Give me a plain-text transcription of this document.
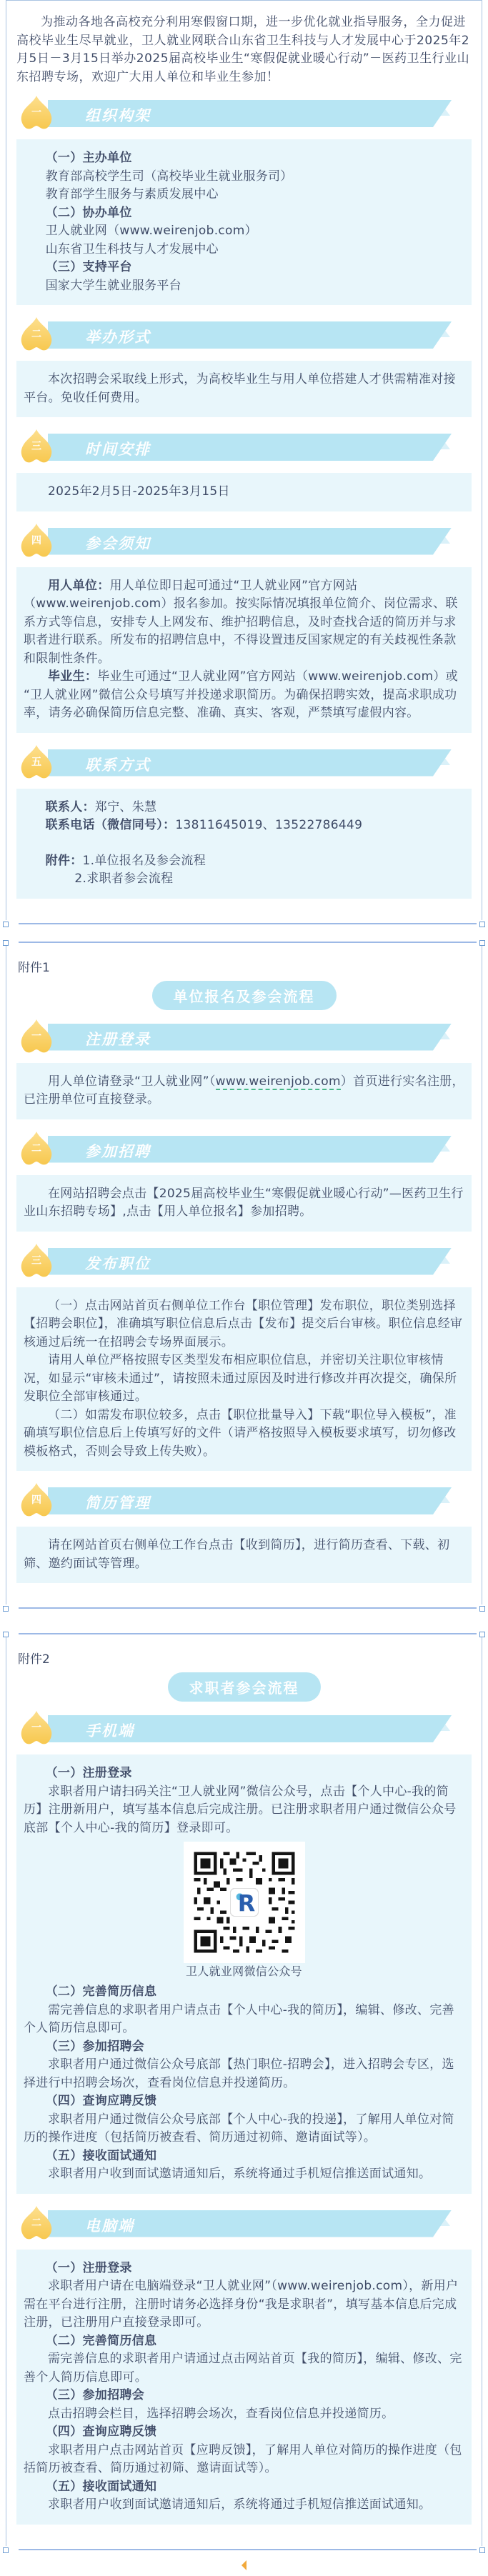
为推动各地各高校充分利用寒假窗口期，进一步优化就业指导服务，全力促进高校毕业生尽早就业，卫人就业网联合山东省卫生科技与人才发展中心于2025年2月5日－3月15日举办2025届高校毕业生“寒假促就业暖心行动”－医药卫生行业山东招聘专场，欢迎广大用人单位和毕业生参加！

一	组织构架

（一）主办单位

教育部高校学生司（高校毕业生就业服务司）

教育部学生服务与素质发展中心

（二）协办单位

卫人就业网（www.weirenjob.com）

山东省卫生科技与人才发展中心

（三）支持平台

国家大学生就业服务平台

二	举办形式

本次招聘会采取线上形式，为高校毕业生与用人单位搭建人才供需精准对接平台。免收任何费用。

三	时间安排

2025年2月5日-2025年3月15日

四	参会须知

用人单位：用人单位即日起可通过“卫人就业网”官方网站（www.weirenjob.com）报名参加。按实际情况填报单位简介、岗位需求、联系方式等信息，安排专人上网发布、维护招聘信息，及时查找合适的简历并与求职者进行联系。所发布的招聘信息中，不得设置违反国家规定的有关歧视性条款和限制性条件。

毕业生：毕业生可通过“卫人就业网”官方网站（www.weirenjob.com）或 “卫人就业网”微信公众号填写并投递求职简历。为确保招聘实效，提高求职成功率，请务必确保简历信息完整、准确、真实、客观，严禁填写虚假内容。

五	联系方式

联系人：郑宁、朱慧

联系电话（微信同号）：13811645019、13522786449

附件：1.单位报名及参会流程

2.求职者参会流程

附件1

单位报名及参会流程
一	注册登录

用人单位请登录“卫人就业网”（www.weirenjob.com）首页进行实名注册，已注册单位可直接登录。

二	参加招聘

在网站招聘会点击【2025届高校毕业生“寒假促就业暖心行动”—医药卫生行业山东招聘专场】,点击【用人单位报名】参加招聘。

三	发布职位

（一）点击网站首页右侧单位工作台【职位管理】发布职位，职位类别选择【招聘会职位】，准确填写职位信息后点击【发布】提交后台审核。职位信息经审核通过后统一在招聘会专场界面展示。

请用人单位严格按照专区类型发布相应职位信息，并密切关注职位审核情况，如显示“审核未通过”，请按照未通过原因及时进行修改并再次提交，确保所发职位全部审核通过。

（二）如需发布职位较多，点击【职位批量导入】下载“职位导入模板”，准确填写职位信息后上传填写好的文件（请严格按照导入模板要求填写，切勿修改模板格式，否则会导致上传失败）。

四	简历管理

请在网站首页右侧单位工作台点击【收到简历】，进行简历查看、下载、初筛、邀约面试等管理。

附件2

求职者参会流程
一	手机端

（一）注册登录

求职者用户请扫码关注“卫人就业网”微信公众号，点击【个人中心-我的简历】注册新用户，填写基本信息后完成注册。已注册求职者用户通过微信公众号底部【个人中心-我的简历】登录即可。

R

卫人就业网微信公众号

（二）完善简历信息

需完善信息的求职者用户请点击【个人中心-我的简历】，编辑、修改、完善个人简历信息即可。

（三）参加招聘会

求职者用户通过微信公众号底部【热门职位-招聘会】，进入招聘会专区，选择进行中招聘会场次，查看岗位信息并投递简历。

（四）查询应聘反馈

求职者用户通过微信公众号底部【个人中心-我的投递】，了解用人单位对简历的操作进度（包括简历被查看、简历通过初筛、邀请面试等）。

（五）接收面试通知

求职者用户收到面试邀请通知后，系统将通过手机短信推送面试通知。

二	电脑端

（一）注册登录

求职者用户请在电脑端登录“卫人就业网”（www.weirenjob.com），新用户需在平台进行注册，注册时请务必选择身份“我是求职者”，填写基本信息后完成注册，已注册用户直接登录即可。

（二）完善简历信息

需完善信息的求职者用户请通过点击网站首页【我的简历】，编辑、修改、完善个人简历信息即可。

（三）参加招聘会

点击招聘会栏目，选择招聘会场次，查看岗位信息并投递简历。

（四）查询应聘反馈

求职者用户点击网站首页【应聘反馈】，了解用人单位对简历的操作进度（包括简历被查看、简历通过初筛、邀请面试等）。

（五）接收面试通知

求职者用户收到面试邀请通知后，系统将通过手机短信推送面试通知。
